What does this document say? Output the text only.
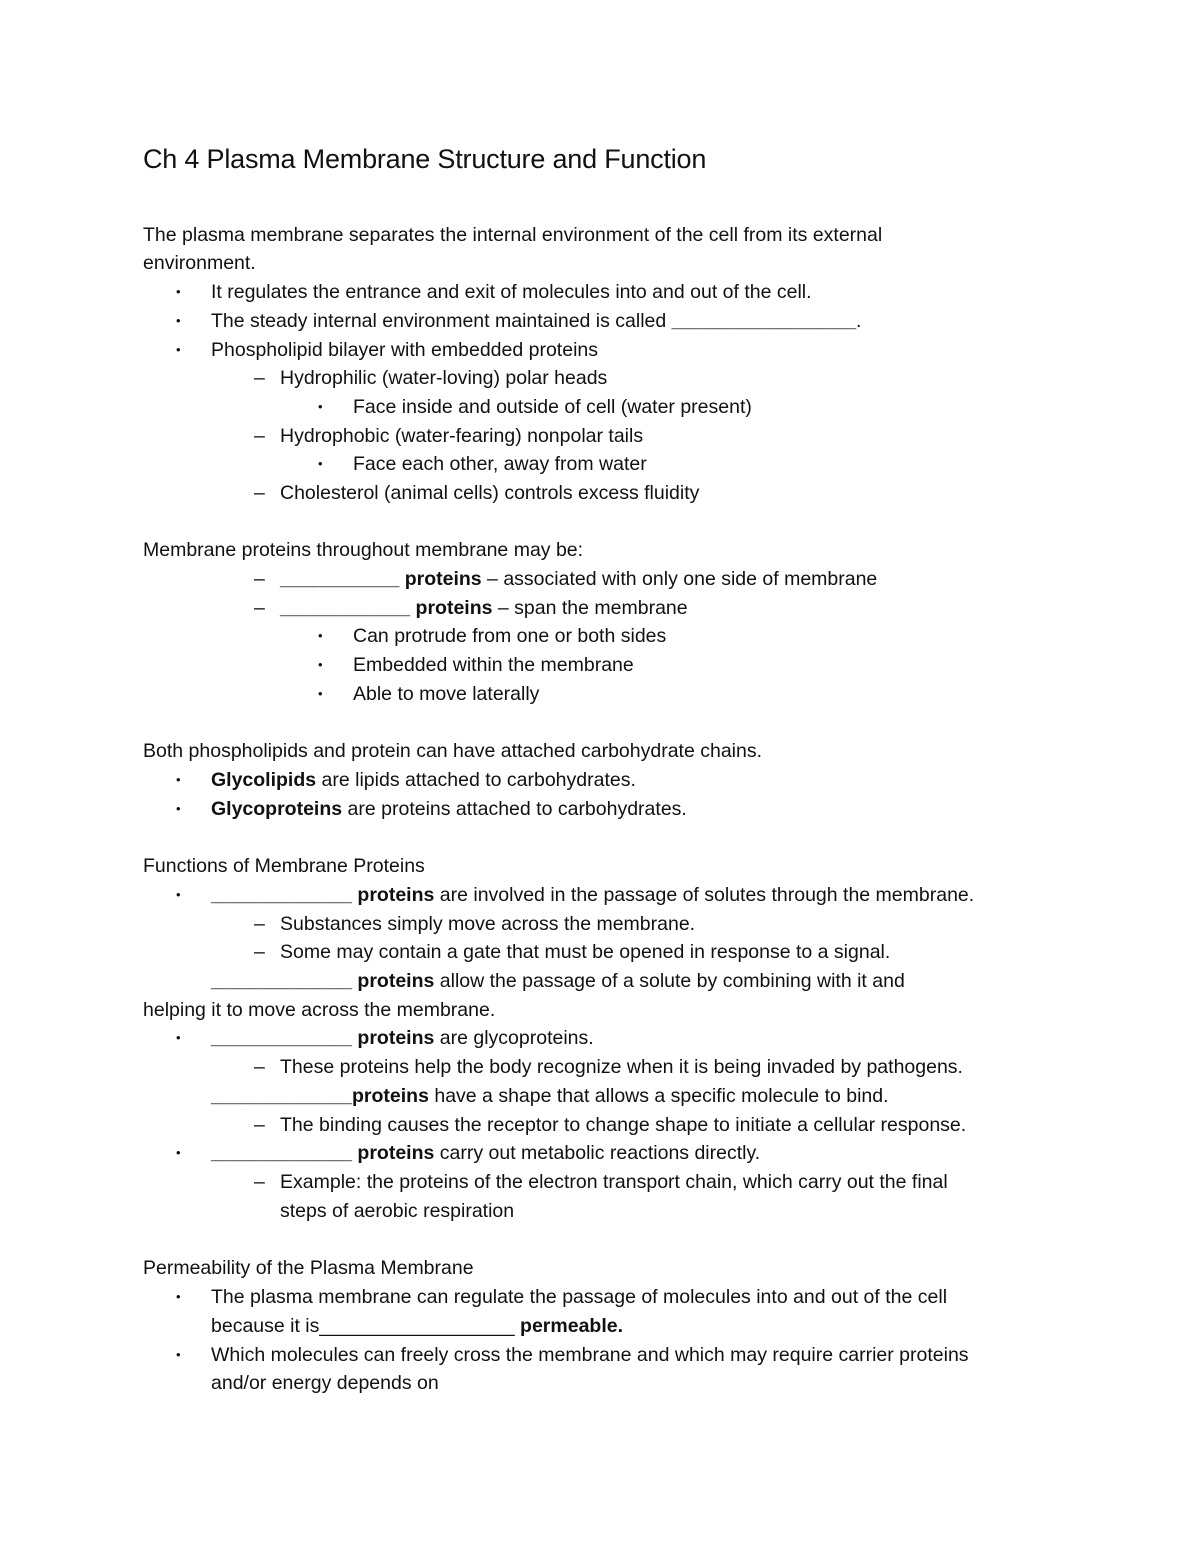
Ch 4 Plasma Membrane Structure and Function
The plasma membrane separates the internal environment of the cell from its external
environment.
• It regulates the entrance and exit of molecules into and out of the cell.
• The steady internal environment maintained is called _________________.
• Phospholipid bilayer with embedded proteins
– Hydrophilic (water-loving) polar heads
• Face inside and outside of cell (water present)
– Hydrophobic (water-fearing) nonpolar tails
• Face each other, away from water
– Cholesterol (animal cells) controls excess fluidity
Membrane proteins throughout membrane may be:
– ___________ proteins – associated with only one side of membrane
– ____________ proteins – span the membrane
• Can protrude from one or both sides
• Embedded within the membrane
• Able to move laterally
Both phospholipids and protein can have attached carbohydrate chains.
• Glycolipids are lipids attached to carbohydrates.
• Glycoproteins are proteins attached to carbohydrates.
Functions of Membrane Proteins
• _____________ proteins are involved in the passage of solutes through the membrane.
– Substances simply move across the membrane.
– Some may contain a gate that must be opened in response to a signal.
_____________ proteins allow the passage of a solute by combining with it and
helping it to move across the membrane.
• _____________ proteins are glycoproteins.
– These proteins help the body recognize when it is being invaded by pathogens.
_____________proteins have a shape that allows a specific molecule to bind.
– The binding causes the receptor to change shape to initiate a cellular response.
• _____________ proteins carry out metabolic reactions directly.
– Example: the proteins of the electron transport chain, which carry out the final
steps of aerobic respiration
Permeability of the Plasma Membrane
• The plasma membrane can regulate the passage of molecules into and out of the cell
because it is__________________ permeable.
• Which molecules can freely cross the membrane and which may require carrier proteins
and/or energy depends on
